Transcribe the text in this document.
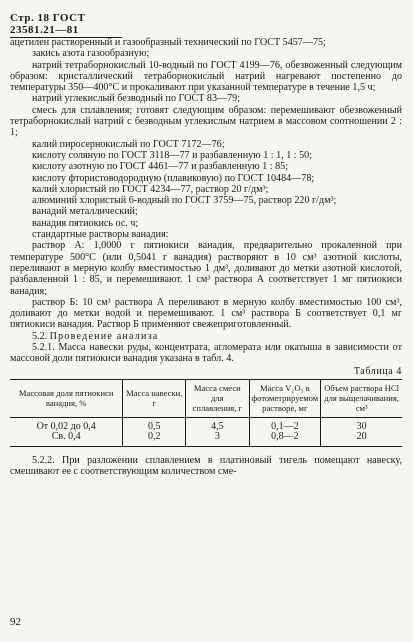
Стр. 18 ГОСТ 23581.21—81

ацетилен растворенный и газообразный технический по ГОСТ 5457—75;

закись азота газообразную;

натрий тетраборнокислый 10-водный по ГОСТ 4199—76, обезвоженный следующим образом: кристаллический тетраборнокислый натрий нагревают постепенно до температуры 350—400°С и прокаливают при указанной температуре в течение 1,5 ч;

натрий углекислый безводный по ГОСТ 83—79;

смесь для сплавления; готовят следующим образом: перемешивают обезвоженный тетраборнокислый натрий с безводным углекислым натрием в массовом соотношении 2 : 1;

калий пиросернокислый по ГОСТ 7172—76;

кислоту соляную по ГОСТ 3118—77 и разбавленную 1 : 1, 1 : 50;

кислоту азотную по ГОСТ 4461—77 и разбавленную 1 : 85;

кислоту фтористоводородную (плавиковую) по ГОСТ 10484—78;

калий хлористый по ГОСТ 4234—77, раствор 20 г/дм³;

алюминий хлористый 6-водный по ГОСТ 3759—75, раствор 220 г/дм³;

ванадий металлический;

ванадия пятиокись ос. ч;

стандартные растворы ванадия:

раствор А: 1,0000 г пятиокиси ванадия, предварительно прокаленной при температуре 500°С (или 0,5041 г ванадия) растворяют в 10 см³ азотной кислоты, переливают в мерную колбу вместимостью 1 дм³, доливают до метки азотной кислотой, разбавленной 1 : 85, и перемешивают. 1 см³ раствора А соответствует 1 мг пятиокиси ванадия;

раствор Б: 10 см³ раствора А переливают в мерную колбу вместимостью 100 см³, доливают до метки водой и перемешивают. 1 см³ раствора Б соответствует 0,1 мг пятиокиси ванадия. Раствор Б применяют свежеприготовленный.

5.2. Проведение анализа

5.2.1. Масса навески руды, концентрата, агломерата или окатыша в зависимости от массовой доли пятиокиси ванадия указана в табл. 4.

Таблица 4
Массовая доля пятиокиси ванадия, %	Масса навески, г	Масса смеси для сплавления, г	Масса V₂O₅ в фотометрируемом растворе, мг	Объем раствора HCl для выщелачивания, см³
От 0,02 до 0,4	0,5	4,5	0,1—2	30
Св. 0,4	0,2	3	0,8—2	20

5.2.2. При разложении сплавлением в платиновый тигель помещают навеску, смешивают ее с соответствующим количеством сме-

92
